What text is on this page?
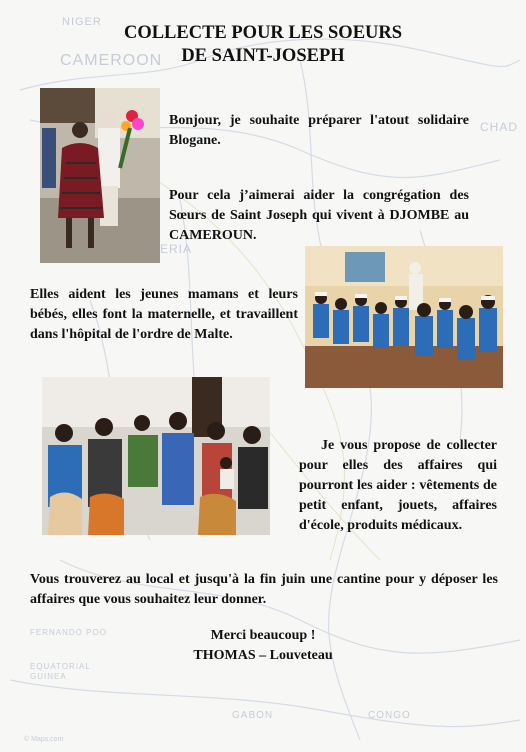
NIGER
CAMEROON
CHAD
ERIA
FERNANDO POO
EQUATORIAL
GUINEA
GABON	CONGO
© Maps.com
COLLECTE POUR LES SOEURS
DE SAINT-JOSEPH
Bonjour, je souhaite préparer l'atout solidaire Blogane.
Pour cela j’aimerai aider la congrégation des Sœurs de Saint Joseph qui vivent à DJOMBE au CAMEROUN.
Elles aident les jeunes mamans et leurs bébés, elles font la maternelle, et travaillent dans l'hôpital de l'ordre de Malte.
Je vous propose de collecter pour elles des affaires qui pourront les aider : vêtements de petit enfant, jouets, affaires d'école, produits médicaux.
Vous trouverez au local et jusqu'à la fin juin une cantine pour y déposer les affaires que vous souhaitez leur donner.
Merci beaucoup !
THOMAS – Louveteau
